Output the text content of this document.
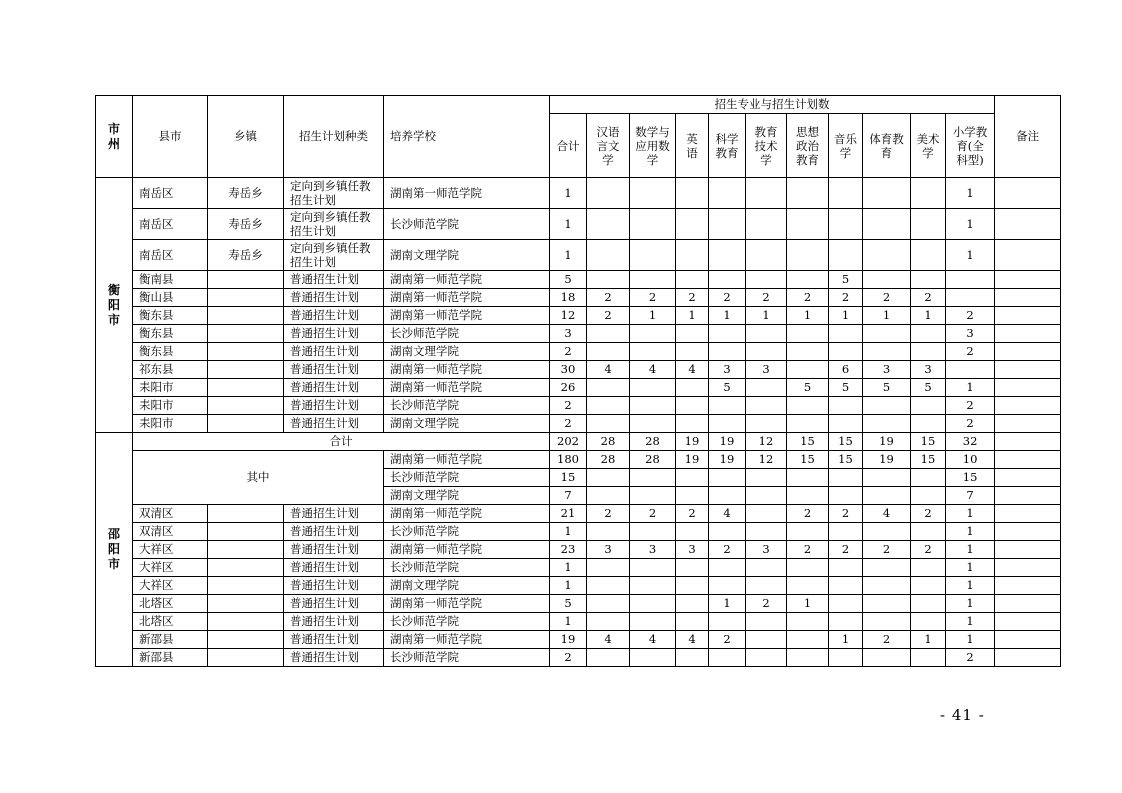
市州	县市	乡镇	招生计划种类	培养学校	招生专业与招生计划数											备注
					合计	汉语言文学	数学与应用数学	英语	科学教育	教育技术学	思想政治教育	音乐学	体育教育	美术学	小学教育(全科型)	
衡阳市	南岳区	寿岳乡	定向到乡镇任教招生计划	湖南第一师范学院	1										1	
	南岳区	寿岳乡	定向到乡镇任教招生计划	长沙师范学院	1										1	
	南岳区	寿岳乡	定向到乡镇任教招生计划	湖南文理学院	1										1	
	衡南县		普通招生计划	湖南第一师范学院	5							5				
	衡山县		普通招生计划	湖南第一师范学院	18	2	2	2	2	2	2	2	2	2		
	衡东县		普通招生计划	湖南第一师范学院	12	2	1	1	1	1	1	1	1	1	2	
	衡东县		普通招生计划	长沙师范学院	3										3	
	衡东县		普通招生计划	湖南文理学院	2										2	
	祁东县		普通招生计划	湖南第一师范学院	30	4	4	4	3	3		6	3	3		
	耒阳市		普通招生计划	湖南第一师范学院	26				5		5	5	5	5	1	
	耒阳市		普通招生计划	长沙师范学院	2										2	
	耒阳市		普通招生计划	湖南文理学院	2										2	
邵阳市	合计				202	28	28	19	19	12	15	15	19	15	32	
	其中			湖南第一师范学院	180	28	28	19	19	12	15	15	19	15	10	
				长沙师范学院	15										15	
				湖南文理学院	7										7	
	双清区		普通招生计划	湖南第一师范学院	21	2	2	2	4		2	2	4	2	1	
	双清区		普通招生计划	长沙师范学院	1										1	
	大祥区		普通招生计划	湖南第一师范学院	23	3	3	3	2	3	2	2	2	2	1	
	大祥区		普通招生计划	长沙师范学院	1										1	
	大祥区		普通招生计划	湖南文理学院	1										1	
	北塔区		普通招生计划	湖南第一师范学院	5				1	2	1				1	
	北塔区		普通招生计划	长沙师范学院	1										1	
	新邵县		普通招生计划	湖南第一师范学院	19	4	4	4	2			1	2	1	1	
	新邵县		普通招生计划	长沙师范学院	2										2	
- 41 -
